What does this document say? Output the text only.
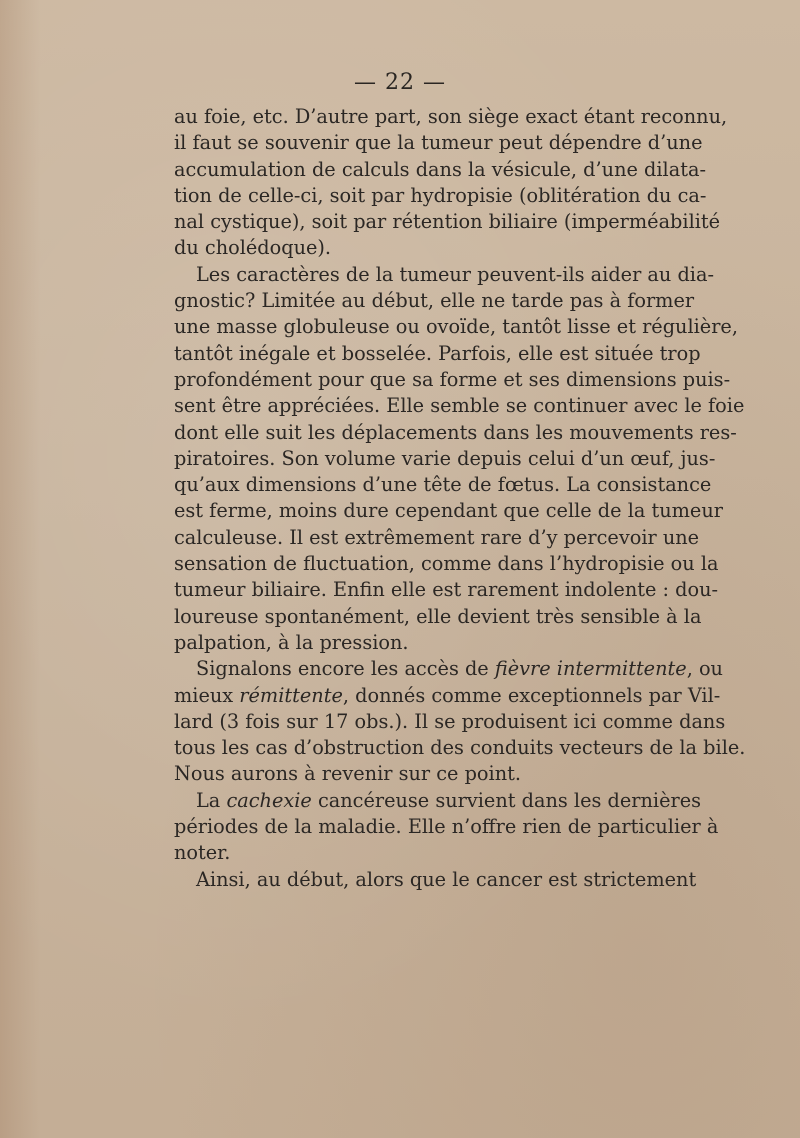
— 22 —
au foie, etc. D’autre part, son siège exact étant reconnu,
il faut se souvenir que la tumeur peut dépendre d’une
accumulation de calculs dans la vésicule, d’une dilata-
tion de celle-ci, soit par hydropisie (oblitération du ca-
nal cystique), soit par rétention biliaire (imperméabilité
du cholédoque).
Les caractères de la tumeur peuvent-ils aider au dia-
gnostic? Limitée au début, elle ne tarde pas à former
une masse globuleuse ou ovoïde, tantôt lisse et régulière,
tantôt inégale et bosselée. Parfois, elle est située trop
profondément pour que sa forme et ses dimensions puis-
sent être appréciées. Elle semble se continuer avec le foie
dont elle suit les déplacements dans les mouvements res-
piratoires. Son volume varie depuis celui d’un œuf, jus-
qu’aux dimensions d’une tête de fœtus. La consistance
est ferme, moins dure cependant que celle de la tumeur
calculeuse. Il est extrêmement rare d’y percevoir une
sensation de fluctuation, comme dans l’hydropisie ou la
tumeur biliaire. Enfin elle est rarement indolente : dou-
loureuse spontanément, elle devient très sensible à la
palpation, à la pression.
Signalons encore les accès de fièvre intermittente, ou
mieux rémittente, donnés comme exceptionnels par Vil-
lard (3 fois sur 17 obs.). Il se produisent ici comme dans
tous les cas d’obstruction des conduits vecteurs de la bile.
Nous aurons à revenir sur ce point.
La cachexie cancéreuse survient dans les dernières
périodes de la maladie. Elle n’offre rien de particulier à
noter.
Ainsi, au début, alors que le cancer est strictement
